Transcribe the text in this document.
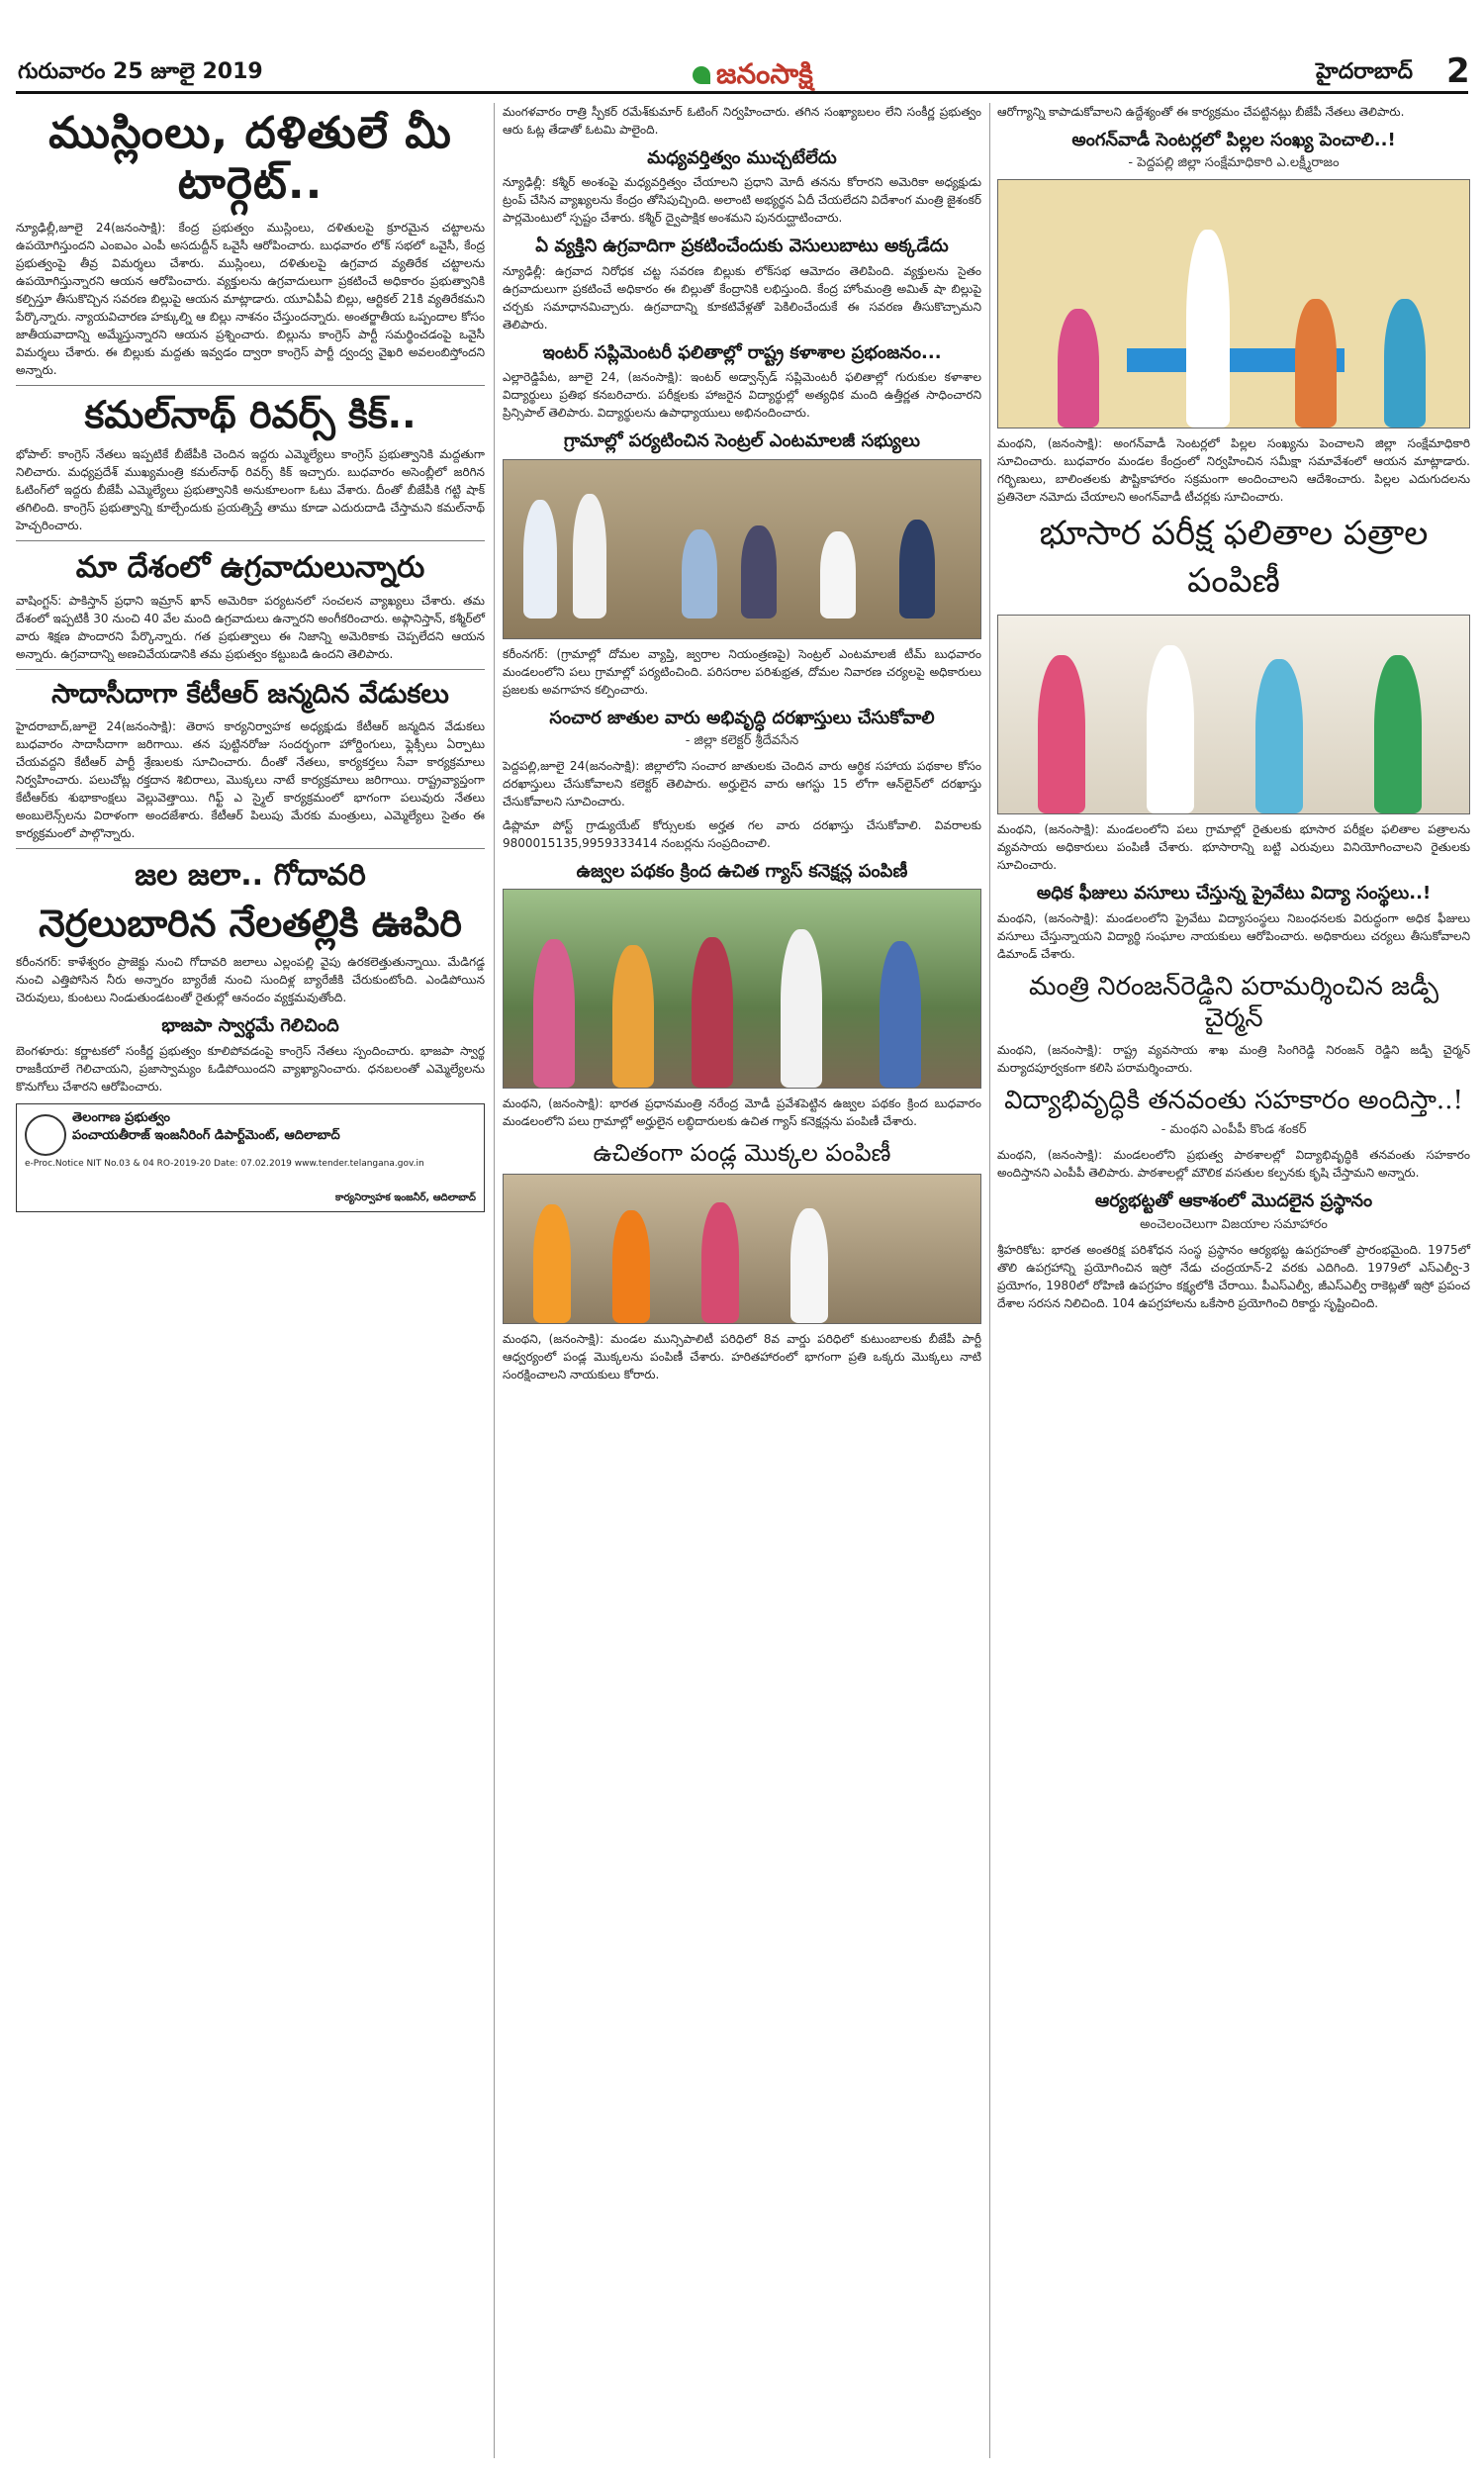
గురువారం 25 జూలై 2019	జనంసాక్షి	హైదరాబాద్ 2
ముస్లింలు, దళితులే మీ టార్గెట్..

న్యూఢిల్లీ,జూలై 24(జనంసాక్షి): కేంద్ర ప్రభుత్వం ముస్లింలు, దళితులపై క్రూరమైన చట్టాలను ఉపయోగిస్తుందని ఎంఐఎం ఎంపీ అసదుద్దీన్ ఒవైసీ ఆరోపించారు. బుధవారం లోక్ సభలో ఒవైసీ, కేంద్ర ప్రభుత్వంపై తీవ్ర విమర్శలు చేశారు. ముస్లింలు, దళితులపై ఉగ్రవాద వ్యతిరేక చట్టాలను ఉపయోగిస్తున్నారని ఆయన ఆరోపించారు. వ్యక్తులను ఉగ్రవాదులుగా ప్రకటించే అధికారం ప్రభుత్వానికి కల్పిస్తూ తీసుకొచ్చిన సవరణ బిల్లుపై ఆయన మాట్లాడారు. యూఏపీఏ బిల్లు, ఆర్టికల్ 21కి వ్యతిరేకమని పేర్కొన్నారు. న్యాయవిచారణ హక్కుల్ని ఆ బిల్లు నాశనం చేస్తుందన్నారు. అంతర్జాతీయ ఒప్పందాల కోసం జాతీయవాదాన్ని అమ్మేస్తున్నారని ఆయన ప్రశ్నించారు. బిల్లును కాంగ్రెస్ పార్టీ సమర్థించడంపై ఒవైసీ విమర్శలు చేశారు. ఈ బిల్లుకు మద్దతు ఇవ్వడం ద్వారా కాంగ్రెస్ పార్టీ ద్వంద్వ వైఖరి అవలంబిస్తోందని అన్నారు.

కమల్‌నాథ్ రివర్స్ కిక్..

భోపాల్: కాంగ్రెస్ నేతలు ఇప్పటికే బీజేపీకి చెందిన ఇద్దరు ఎమ్మెల్యేలు కాంగ్రెస్ ప్రభుత్వానికి మద్దతుగా నిలిచారు. మధ్యప్రదేశ్ ముఖ్యమంత్రి కమల్‌నాథ్ రివర్స్ కిక్ ఇచ్చారు. బుధవారం అసెంబ్లీలో జరిగిన ఓటింగ్‌లో ఇద్దరు బీజేపీ ఎమ్మెల్యేలు ప్రభుత్వానికి అనుకూలంగా ఓటు వేశారు. దీంతో బీజేపీకి గట్టి షాక్ తగిలింది. కాంగ్రెస్ ప్రభుత్వాన్ని కూల్చేందుకు ప్రయత్నిస్తే తాము కూడా ఎదురుదాడి చేస్తామని కమల్‌నాథ్ హెచ్చరించారు.

మా దేశంలో ఉగ్రవాదులున్నారు

వాషింగ్టన్: పాకిస్తాన్ ప్రధాని ఇమ్రాన్ ఖాన్ అమెరికా పర్యటనలో సంచలన వ్యాఖ్యలు చేశారు. తమ దేశంలో ఇప్పటికీ 30 నుంచి 40 వేల మంది ఉగ్రవాదులు ఉన్నారని అంగీకరించారు. అఫ్గానిస్తాన్, కశ్మీర్‌లో వారు శిక్షణ పొందారని పేర్కొన్నారు. గత ప్రభుత్వాలు ఈ నిజాన్ని అమెరికాకు చెప్పలేదని ఆయన అన్నారు. ఉగ్రవాదాన్ని అణచివేయడానికి తమ ప్రభుత్వం కట్టుబడి ఉందని తెలిపారు.

సాదాసీదాగా కేటీఆర్ జన్మదిన వేడుకలు

హైదరాబాద్,జూలై 24(జనంసాక్షి): తెరాస కార్యనిర్వాహక అధ్యక్షుడు కేటీఆర్ జన్మదిన వేడుకలు బుధవారం సాదాసీదాగా జరిగాయి. తన పుట్టినరోజు సందర్భంగా హోర్డింగులు, ఫ్లెక్సీలు ఏర్పాటు చేయవద్దని కేటీఆర్ పార్టీ శ్రేణులకు సూచించారు. దీంతో నేతలు, కార్యకర్తలు సేవా కార్యక్రమాలు నిర్వహించారు. పలుచోట్ల రక్తదాన శిబిరాలు, మొక్కలు నాటే కార్యక్రమాలు జరిగాయి. రాష్ట్రవ్యాప్తంగా కేటీఆర్‌కు శుభాకాంక్షలు వెల్లువెత్తాయి. గిఫ్ట్ ఎ స్మైల్ కార్యక్రమంలో భాగంగా పలువురు నేతలు అంబులెన్స్‌లను విరాళంగా అందజేశారు. కేటీఆర్ పిలుపు మేరకు మంత్రులు, ఎమ్మెల్యేలు సైతం ఈ కార్యక్రమంలో పాల్గొన్నారు.

జల జలా.. గోదావరి
నెర్రలుబారిన నేలతల్లికి ఊపిరి

కరీంనగర్: కాళేశ్వరం ప్రాజెక్టు నుంచి గోదావరి జలాలు ఎల్లంపల్లి వైపు ఉరకలెత్తుతున్నాయి. మేడిగడ్డ నుంచి ఎత్తిపోసిన నీరు అన్నారం బ్యారేజీ నుంచి సుందిళ్ల బ్యారేజీకి చేరుకుంటోంది. ఎండిపోయిన చెరువులు, కుంటలు నిండుతుండటంతో రైతుల్లో ఆనందం వ్యక్తమవుతోంది.

భాజపా స్వార్థమే గెలిచింది

బెంగళూరు: కర్ణాటకలో సంకీర్ణ ప్రభుత్వం కూలిపోవడంపై కాంగ్రెస్ నేతలు స్పందించారు. భాజపా స్వార్థ రాజకీయాలే గెలిచాయని, ప్రజాస్వామ్యం ఓడిపోయిందని వ్యాఖ్యానించారు. ధనబలంతో ఎమ్మెల్యేలను కొనుగోలు చేశారని ఆరోపించారు.

తెలంగాణ ప్రభుత్వం
పంచాయతీరాజ్ ఇంజనీరింగ్ డిపార్ట్‌మెంట్, ఆదిలాబాద్
e-Proc.Notice NIT No.03 & 04 RO-2019-20 Date: 07.02.2019 www.tender.telangana.gov.in
కార్యనిర్వాహక ఇంజనీర్, ఆదిలాబాద్

మంగళవారం రాత్రి స్పీకర్ రమేశ్‌కుమార్ ఓటింగ్ నిర్వహించారు. తగిన సంఖ్యాబలం లేని సంకీర్ణ ప్రభుత్వం ఆరు ఓట్ల తేడాతో ఓటమి పాలైంది.

మధ్యవర్తిత్వం ముచ్చటేలేదు

న్యూఢిల్లీ: కశ్మీర్ అంశంపై మధ్యవర్తిత్వం చేయాలని ప్రధాని మోదీ తనను కోరారని అమెరికా అధ్యక్షుడు ట్రంప్ చేసిన వ్యాఖ్యలను కేంద్రం తోసిపుచ్చింది. అలాంటి అభ్యర్థన ఏదీ చేయలేదని విదేశాంగ మంత్రి జైశంకర్ పార్లమెంటులో స్పష్టం చేశారు. కశ్మీర్ ద్వైపాక్షిక అంశమని పునరుద్ఘాటించారు.

ఏ వ్యక్తిని ఉగ్రవాదిగా ప్రకటించేందుకు వెసులుబాటు అక్కడేదు

న్యూఢిల్లీ: ఉగ్రవాద నిరోధక చట్ట సవరణ బిల్లుకు లోక్‌సభ ఆమోదం తెలిపింది. వ్యక్తులను సైతం ఉగ్రవాదులుగా ప్రకటించే అధికారం ఈ బిల్లుతో కేంద్రానికి లభిస్తుంది. కేంద్ర హోంమంత్రి అమిత్ షా బిల్లుపై చర్చకు సమాధానమిచ్చారు. ఉగ్రవాదాన్ని కూకటివేళ్లతో పెకిలించేందుకే ఈ సవరణ తీసుకొచ్చామని తెలిపారు.

ఇంటర్ సప్లిమెంటరీ ఫలితాల్లో రాష్ట్ర కళాశాల ప్రభంజనం...

ఎల్లారెడ్డిపేట, జూలై 24, (జనంసాక్షి): ఇంటర్ అడ్వాన్స్‌డ్ సప్లిమెంటరీ ఫలితాల్లో గురుకుల కళాశాల విద్యార్థులు ప్రతిభ కనబరిచారు. పరీక్షలకు హాజరైన విద్యార్థుల్లో అత్యధిక మంది ఉత్తీర్ణత సాధించారని ప్రిన్సిపాల్ తెలిపారు. విద్యార్థులను ఉపాధ్యాయులు అభినందించారు.

గ్రామాల్లో పర్యటించిన సెంట్రల్ ఎంటమాలజీ సభ్యులు

కరీంనగర్: (గ్రామాల్లో దోమల వ్యాప్తి, జ్వరాల నియంత్రణపై) సెంట్రల్ ఎంటమాలజీ టీమ్ బుధవారం మండలంలోని పలు గ్రామాల్లో పర్యటించింది. పరిసరాల పరిశుభ్రత, దోమల నివారణ చర్యలపై అధికారులు ప్రజలకు అవగాహన కల్పించారు.

సంచార జాతుల వారు అభివృద్ధి దరఖాస్తులు చేసుకోవాలి
- జిల్లా కలెక్టర్ శ్రీదేవసేన

పెద్దపల్లి,జూలై 24(జనంసాక్షి): జిల్లాలోని సంచార జాతులకు చెందిన వారు ఆర్థిక సహాయ పథకాల కోసం దరఖాస్తులు చేసుకోవాలని కలెక్టర్ తెలిపారు. అర్హులైన వారు ఆగస్టు 15 లోగా ఆన్‌లైన్‌లో దరఖాస్తు చేసుకోవాలని సూచించారు.

డిప్లొమా పోస్ట్ గ్రాడ్యుయేట్ కోర్సులకు అర్హత గల వారు దరఖాస్తు చేసుకోవాలి. వివరాలకు 9800015135,9959333414 నంబర్లను సంప్రదించాలి.

ఉజ్వల పథకం క్రింద ఉచిత గ్యాస్ కనెక్షన్ల పంపిణీ

మంథని, (జనంసాక్షి): భారత ప్రధానమంత్రి నరేంద్ర మోడీ ప్రవేశపెట్టిన ఉజ్వల పథకం క్రింద బుధవారం మండలంలోని పలు గ్రామాల్లో అర్హులైన లబ్ధిదారులకు ఉచిత గ్యాస్ కనెక్షన్లను పంపిణీ చేశారు.

ఉచితంగా పండ్ల మొక్కల పంపిణీ

మంథని, (జనంసాక్షి): మండల మున్సిపాలిటీ పరిధిలో 8వ వార్డు పరిధిలో కుటుంబాలకు బీజేపీ పార్టీ ఆధ్వర్యంలో పండ్ల మొక్కలను పంపిణీ చేశారు. హరితహారంలో భాగంగా ప్రతి ఒక్కరు మొక్కలు నాటి సంరక్షించాలని నాయకులు కోరారు.

ఆరోగ్యాన్ని కాపాడుకోవాలని ఉద్దేశ్యంతో ఈ కార్యక్రమం చేపట్టినట్లు బీజేపీ నేతలు తెలిపారు.

అంగన్‌వాడీ సెంటర్లలో పిల్లల సంఖ్య పెంచాలి..!
- పెద్దపల్లి జిల్లా సంక్షేమాధికారి ఎ.లక్ష్మీరాజం

మంథని, (జనంసాక్షి): అంగన్‌వాడీ సెంటర్లలో పిల్లల సంఖ్యను పెంచాలని జిల్లా సంక్షేమాధికారి సూచించారు. బుధవారం మండల కేంద్రంలో నిర్వహించిన సమీక్షా సమావేశంలో ఆయన మాట్లాడారు. గర్భిణులు, బాలింతలకు పౌష్టికాహారం సక్రమంగా అందించాలని ఆదేశించారు. పిల్లల ఎదుగుదలను ప్రతినెలా నమోదు చేయాలని అంగన్‌వాడీ టీచర్లకు సూచించారు.

భూసార పరీక్ష ఫలితాల పత్రాల పంపిణీ

మంథని, (జనంసాక్షి): మండలంలోని పలు గ్రామాల్లో రైతులకు భూసార పరీక్షల ఫలితాల పత్రాలను వ్యవసాయ అధికారులు పంపిణీ చేశారు. భూసారాన్ని బట్టి ఎరువులు వినియోగించాలని రైతులకు సూచించారు.

అధిక ఫీజులు వసూలు చేస్తున్న ప్రైవేటు విద్యా సంస్థలు..!

మంథని, (జనంసాక్షి): మండలంలోని ప్రైవేటు విద్యాసంస్థలు నిబంధనలకు విరుద్ధంగా అధిక ఫీజులు వసూలు చేస్తున్నాయని విద్యార్థి సంఘాల నాయకులు ఆరోపించారు. అధికారులు చర్యలు తీసుకోవాలని డిమాండ్ చేశారు.

మంత్రి నిరంజన్‌రెడ్డిని పరామర్శించిన జడ్పీ చైర్మన్

మంథని, (జనంసాక్షి): రాష్ట్ర వ్యవసాయ శాఖ మంత్రి సింగిరెడ్డి నిరంజన్ రెడ్డిని జడ్పీ చైర్మన్ మర్యాదపూర్వకంగా కలిసి పరామర్శించారు.

విద్యాభివృద్ధికి తనవంతు సహకారం అందిస్తా..!
- మంథని ఎంపీపీ కొండ శంకర్

మంథని, (జనంసాక్షి): మండలంలోని ప్రభుత్వ పాఠశాలల్లో విద్యాభివృద్ధికి తనవంతు సహకారం అందిస్తానని ఎంపీపీ తెలిపారు. పాఠశాలల్లో మౌలిక వసతుల కల్పనకు కృషి చేస్తామని అన్నారు.

ఆర్యభట్టతో ఆకాశంలో మొదలైన ప్రస్థానం
అంచెలంచెలుగా విజయాల సమాహారం

శ్రీహరికోట: భారత అంతరిక్ష పరిశోధన సంస్థ ప్రస్థానం ఆర్యభట్ట ఉపగ్రహంతో ప్రారంభమైంది. 1975లో తొలి ఉపగ్రహాన్ని ప్రయోగించిన ఇస్రో నేడు చంద్రయాన్-2 వరకు ఎదిగింది. 1979లో ఎస్ఎల్వీ-3 ప్రయోగం, 1980లో రోహిణి ఉపగ్రహం కక్ష్యలోకి చేరాయి. పీఎస్ఎల్వీ, జీఎస్ఎల్వీ రాకెట్లతో ఇస్రో ప్రపంచ దేశాల సరసన నిలిచింది. 104 ఉపగ్రహాలను ఒకేసారి ప్రయోగించి రికార్డు సృష్టించింది.
